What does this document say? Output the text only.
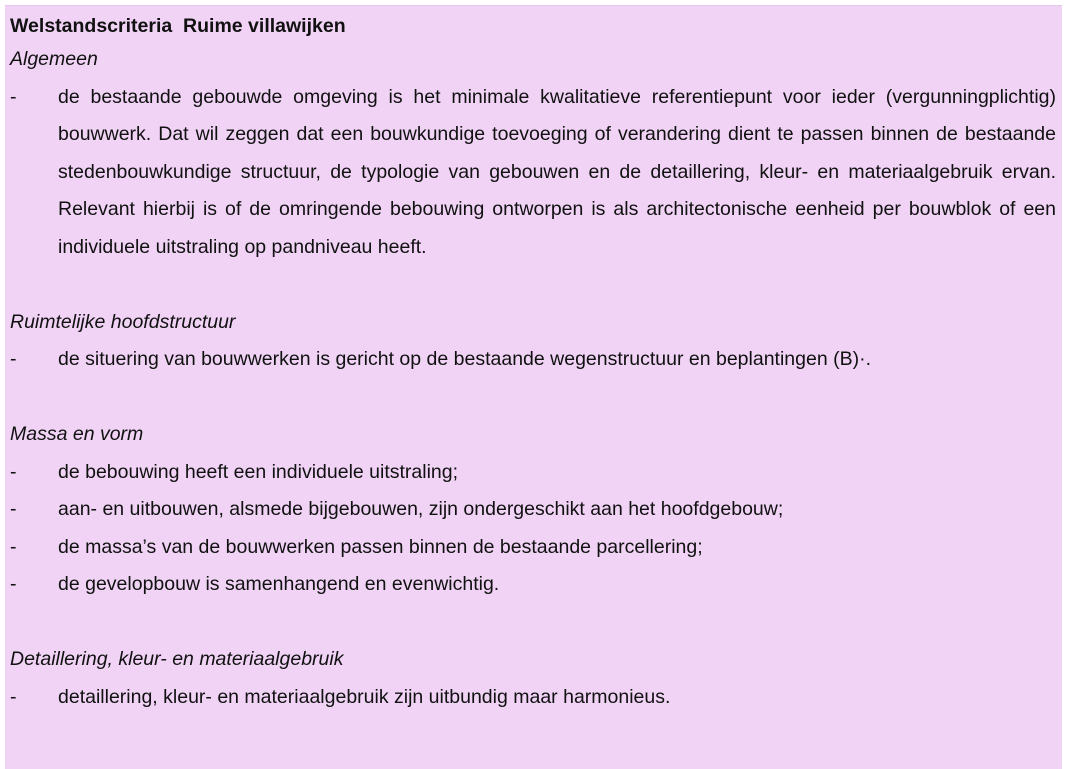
Welstandscriteria  Ruime villawijken
Algemeen
- de bestaande gebouwde omgeving is het minimale kwalitatieve referentiepunt voor ieder (vergunningplichtig) bouwwerk. Dat wil zeggen dat een bouwkundige toevoeging of verandering dient te passen binnen de bestaande stedenbouwkundige structuur, de typologie van gebouwen en de detaillering, kleur- en materiaalgebruik ervan. Relevant hierbij is of de omringende bebouwing ontworpen is als architectonische eenheid per bouwblok of een individuele uitstraling op pandniveau heeft.
Ruimtelijke hoofdstructuur
- de situering van bouwwerken is gericht op de bestaande wegenstructuur en beplantingen (B)·.
Massa en vorm
- de bebouwing heeft een individuele uitstraling;
- aan- en uitbouwen, alsmede bijgebouwen, zijn ondergeschikt aan het hoofdgebouw;
- de massa’s van de bouwwerken passen binnen de bestaande parcellering;
- de gevelopbouw is samenhangend en evenwichtig.
Detaillering, kleur- en materiaalgebruik
- detaillering, kleur- en materiaalgebruik zijn uitbundig maar harmonieus.
